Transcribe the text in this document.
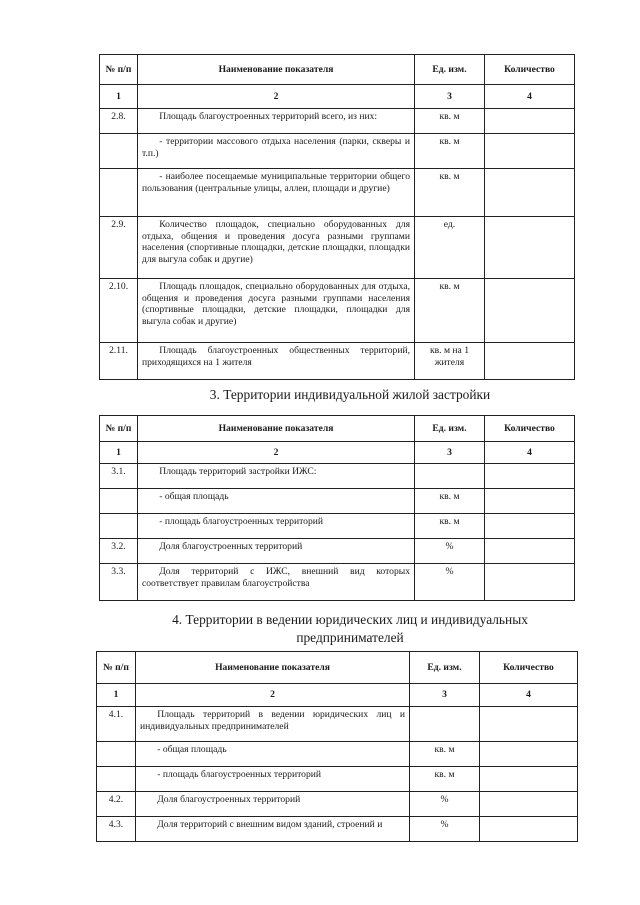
№ п/п	Наименование показателя	Ед. изм.	Количество
1	2	3	4
2.8.	Площадь благоустроенных территорий всего, из них:	кв. м	

	- территории массового отдыха населения (парки, скверы и т.п.)	кв. м	

	- наиболее посещаемые муниципальные территории общего пользования (центральные улицы, аллеи, площади и другие)	кв. м	
2.9.	Количество площадок, специально оборудованных для отдыха, общения и проведения досуга разными группами населения (спортивные площадки, детские площадки, площадки для выгула собак и другие)	ед.	
2.10.	Площадь площадок, специально оборудованных для отдыха, общения и проведения досуга разными группами населения (спортивные площадки, детские площадки, площадки для выгула собак и другие)	кв. м	
2.11.	Площадь благоустроенных общественных территорий, приходящихся на 1 жителя	кв. м на 1 жителя	
3. Территории индивидуальной жилой застройки
№ п/п	Наименование показателя	Ед. изм.	Количество
1	2	3	4
3.1.	Площадь территорий застройки ИЖС:		

	- общая площадь	кв. м	

	- площадь благоустроенных территорий	кв. м	
3.2.	Доля благоустроенных территорий	%	
3.3.	Доля территорий с ИЖС, внешний вид которых соответствует правилам благоустройства	%	
4. Территории в ведении юридических лиц и индивидуальных
предпринимателей
№ п/п	Наименование показателя	Ед. изм.	Количество
1	2	3	4
4.1.	Площадь территорий в ведении юридических лиц и индивидуальных предпринимателей		

	- общая площадь	кв. м	

	- площадь благоустроенных территорий	кв. м	
4.2.	Доля благоустроенных территорий	%	
4.3.	Доля территорий с внешним видом зданий, строений и	%	
